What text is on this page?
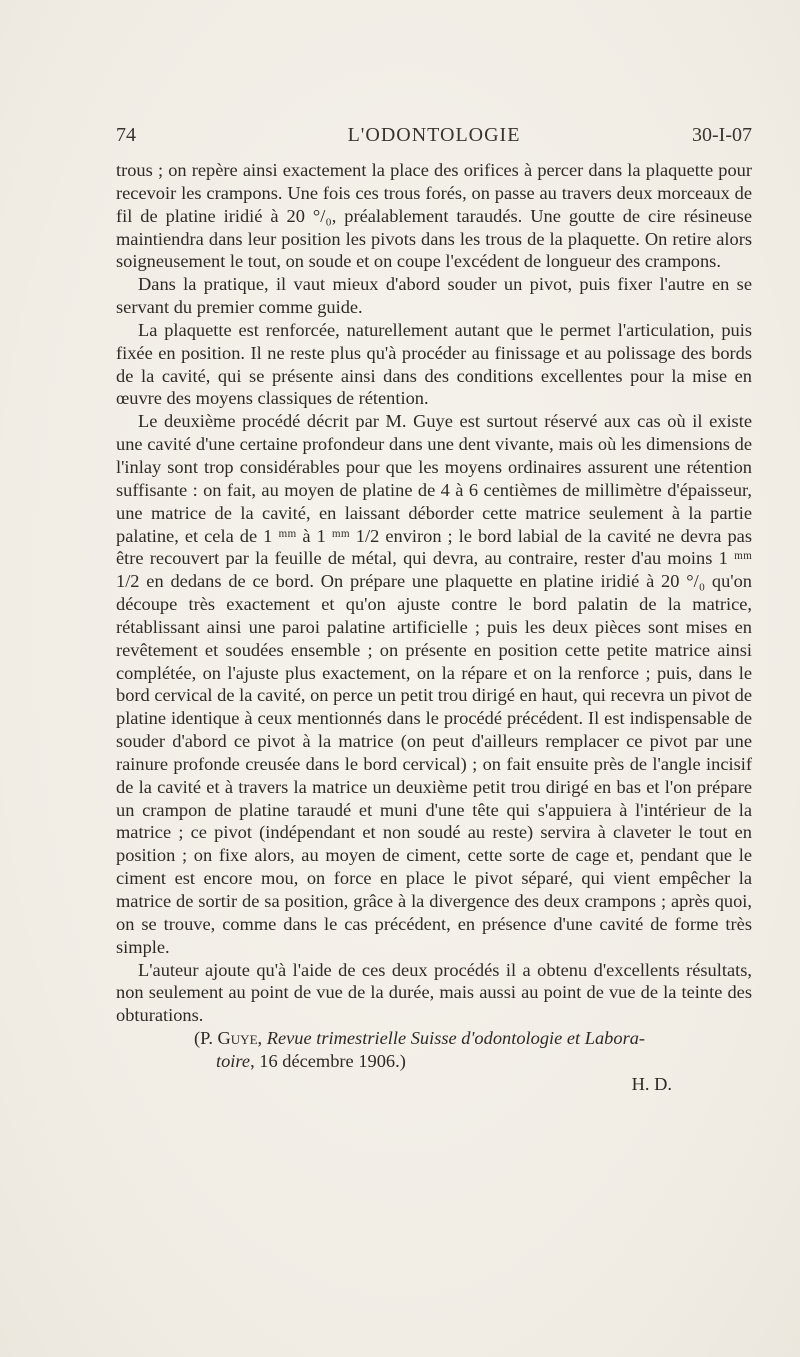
74	L'ODONTOLOGIE	30-I-07

trous ; on repère ainsi exactement la place des orifices à percer dans la plaquette pour recevoir les crampons. Une fois ces trous forés, on passe au travers deux morceaux de fil de platine iridié à 20 °/₀, préalablement taraudés. Une goutte de cire résineuse maintiendra dans leur position les pivots dans les trous de la plaquette. On retire alors soigneusement le tout, on soude et on coupe l'excédent de longueur des crampons.

Dans la pratique, il vaut mieux d'abord souder un pivot, puis fixer l'autre en se servant du premier comme guide.

La plaquette est renforcée, naturellement autant que le permet l'articulation, puis fixée en position. Il ne reste plus qu'à procéder au finissage et au polissage des bords de la cavité, qui se présente ainsi dans des conditions excellentes pour la mise en œuvre des moyens classiques de rétention.

Le deuxième procédé décrit par M. Guye est surtout réservé aux cas où il existe une cavité d'une certaine profondeur dans une dent vivante, mais où les dimensions de l'inlay sont trop considérables pour que les moyens ordinaires assurent une rétention suffisante : on fait, au moyen de platine de 4 à 6 centièmes de millimètre d'épaisseur, une matrice de la cavité, en laissant déborder cette matrice seulement à la partie palatine, et cela de 1 ᵐᵐ à 1 ᵐᵐ 1/2 environ ; le bord labial de la cavité ne devra pas être recouvert par la feuille de métal, qui devra, au contraire, rester d'au moins 1 ᵐᵐ 1/2 en dedans de ce bord. On prépare une plaquette en platine iridié à 20 °/₀ qu'on découpe très exactement et qu'on ajuste contre le bord palatin de la matrice, rétablissant ainsi une paroi palatine artificielle ; puis les deux pièces sont mises en revêtement et soudées ensemble ; on présente en position cette petite matrice ainsi complétée, on l'ajuste plus exactement, on la répare et on la renforce ; puis, dans le bord cervical de la cavité, on perce un petit trou dirigé en haut, qui recevra un pivot de platine identique à ceux mentionnés dans le procédé précédent. Il est indispensable de souder d'abord ce pivot à la matrice (on peut d'ailleurs remplacer ce pivot par une rainure profonde creusée dans le bord cervical) ; on fait ensuite près de l'angle incisif de la cavité et à travers la matrice un deuxième petit trou dirigé en bas et l'on prépare un crampon de platine taraudé et muni d'une tête qui s'appuiera à l'intérieur de la matrice ; ce pivot (indépendant et non soudé au reste) servira à claveter le tout en position ; on fixe alors, au moyen de ciment, cette sorte de cage et, pendant que le ciment est encore mou, on force en place le pivot séparé, qui vient empêcher la matrice de sortir de sa position, grâce à la divergence des deux crampons ; après quoi, on se trouve, comme dans le cas précédent, en présence d'une cavité de forme très simple.

L'auteur ajoute qu'à l'aide de ces deux procédés il a obtenu d'excellents résultats, non seulement au point de vue de la durée, mais aussi au point de vue de la teinte des obturations.

(P. Guye, Revue trimestrielle Suisse d'odontologie et Labora-
toire, 16 décembre 1906.)

H. D.
